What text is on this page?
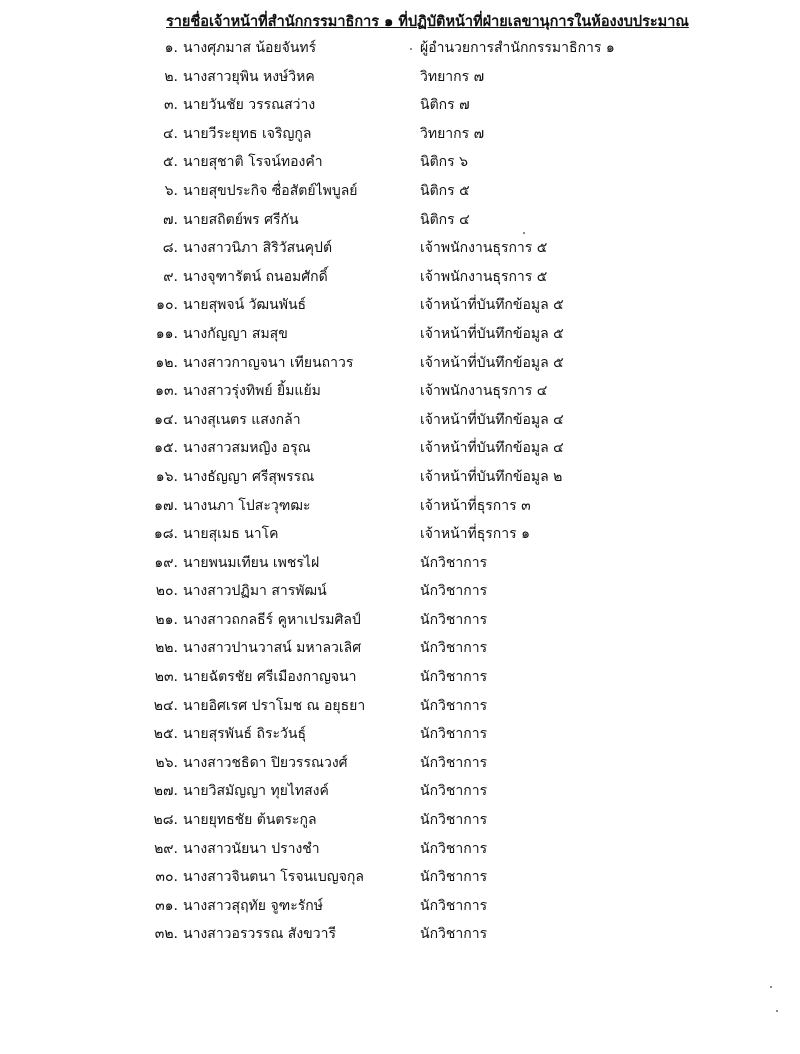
รายชื่อเจ้าหน้าที่สำนักกรรมาธิการ ๑ ที่ปฏิบัติหน้าที่ฝ่ายเลขานุการในห้องงบประมาณ
๑. นางศุภมาส น้อยจันทร์	ผู้อำนวยการสำนักกรรมาธิการ ๑
๒. นางสาวยุพิน หงษ์วิหค	วิทยากร ๗
๓. นายวันชัย วรรณสว่าง	นิติกร ๗
๔. นายวีระยุทธ เจริญกูล	วิทยากร ๗
๕. นายสุชาติ โรจน์ทองคำ	นิติกร ๖
๖. นายสุขประกิจ ซื่อสัตย์ไพบูลย์	นิติกร ๕
๗. นายสถิตย์พร ศรีกัน	นิติกร ๔
๘. นางสาวนิภา สิริวัสนคุปต์	เจ้าพนักงานธุรการ ๕
๙. นางจุฑารัตน์ ถนอมศักดิ์	เจ้าพนักงานธุรการ ๕
๑๐. นายสุพจน์ วัฒนพันธ์	เจ้าหน้าที่บันทึกข้อมูล ๕
๑๑. นางกัญญา สมสุข	เจ้าหน้าที่บันทึกข้อมูล ๕
๑๒. นางสาวกาญจนา เทียนถาวร	เจ้าหน้าที่บันทึกข้อมูล ๕
๑๓. นางสาวรุ่งทิพย์ ยิ้มแย้ม	เจ้าพนักงานธุรการ ๔
๑๔. นางสุเนตร แสงกล้า	เจ้าหน้าที่บันทึกข้อมูล ๔
๑๕. นางสาวสมหญิง อรุณ	เจ้าหน้าที่บันทึกข้อมูล ๔
๑๖. นางธัญญา ศรีสุพรรณ	เจ้าหน้าที่บันทึกข้อมูล ๒
๑๗. นางนภา โปสะวุฑฒะ	เจ้าหน้าที่ธุรการ ๓
๑๘. นายสุเมธ นาโค	เจ้าหน้าที่ธุรการ ๑
๑๙. นายพนมเทียน เพชรไฝ	นักวิชาการ
๒๐. นางสาวปฏิมา สารพัฒน์	นักวิชาการ
๒๑. นางสาวถกลธีร์ คูหาเปรมศิลป์	นักวิชาการ
๒๒. นางสาวปานวาสน์ มหาลวเลิศ	นักวิชาการ
๒๓. นายฉัตรชัย ศรีเมืองกาญจนา	นักวิชาการ
๒๔. นายอิศเรศ ปราโมช ณ อยุธยา	นักวิชาการ
๒๕. นายสุรพันธ์ ถิระวันธุ์	นักวิชาการ
๒๖. นางสาวชธิดา ปิยวรรณวงศ์	นักวิชาการ
๒๗. นายวิสมัญญา ทุยไทสงค์	นักวิชาการ
๒๘. นายยุทธชัย ต้นตระกูล	นักวิชาการ
๒๙. นางสาวนัยนา ปรางชำ	นักวิชาการ
๓๐. นางสาวจินตนา โรจนเบญจกุล	นักวิชาการ
๓๑. นางสาวสุฤทัย จูฑะรักษ์	นักวิชาการ
๓๒. นางสาวอรวรรณ สังขวารี	นักวิชาการ
